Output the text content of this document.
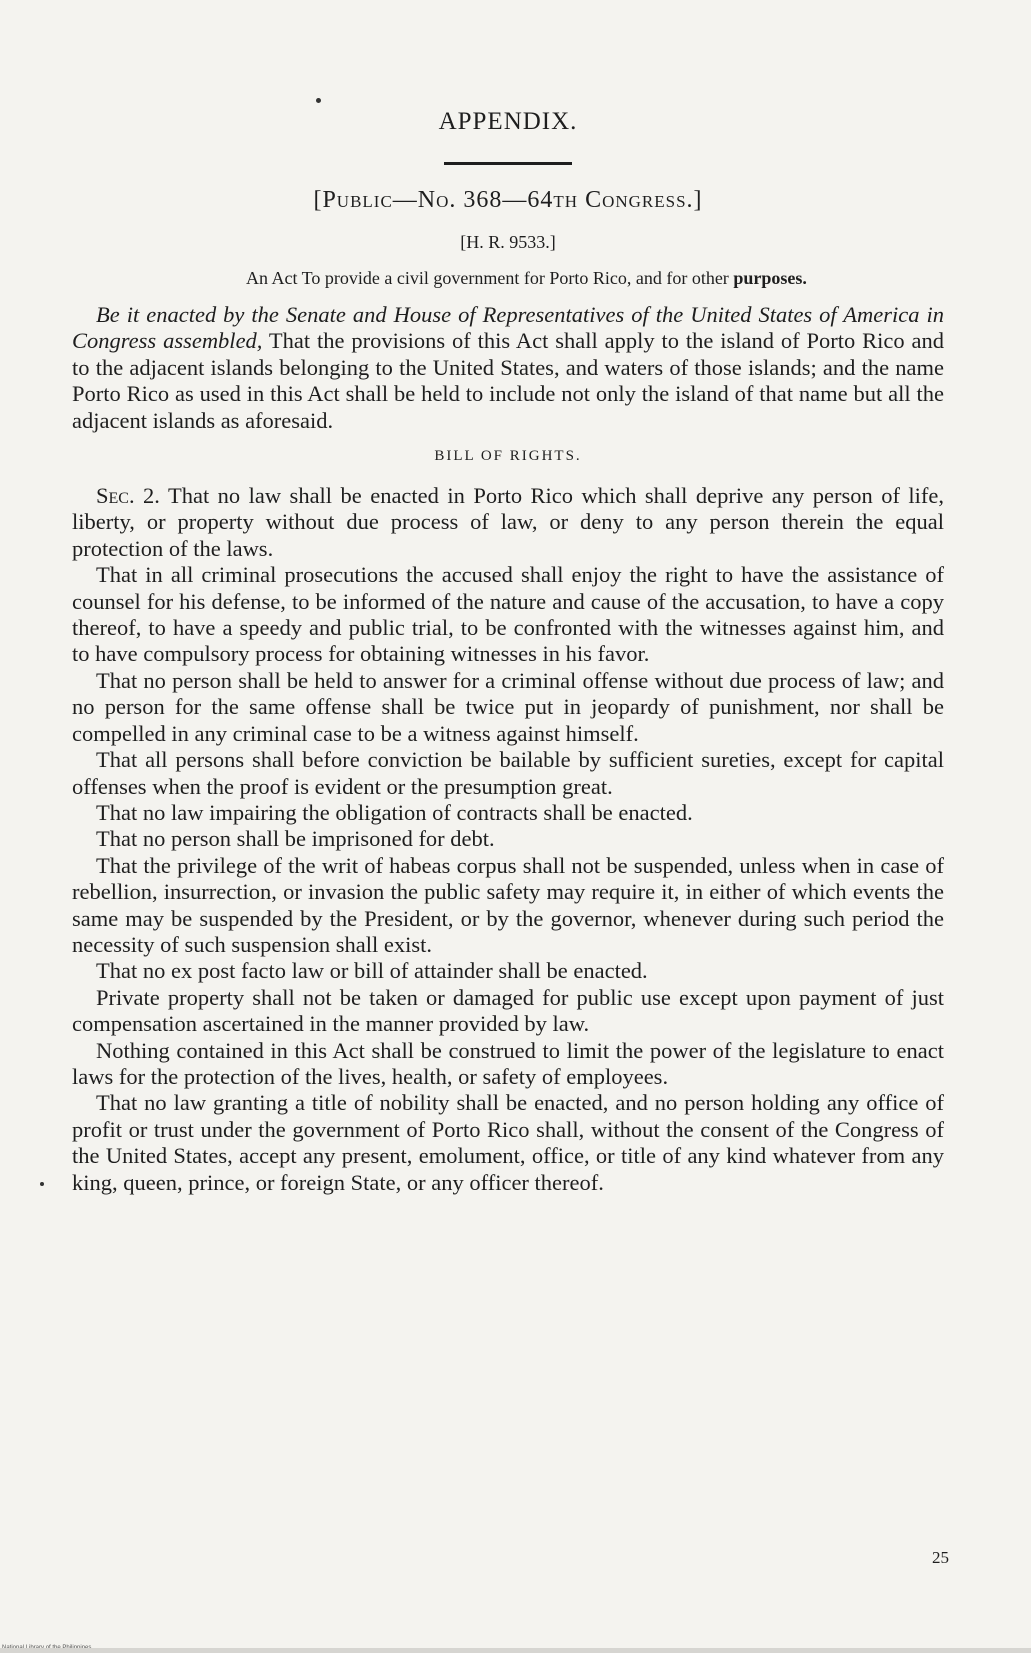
APPENDIX.
[Public—No. 368—64th Congress.]
[H. R. 9533.]
An Act To provide a civil government for Porto Rico, and for other purposes.

Be it enacted by the Senate and House of Representatives of the United States of America in Congress assembled, That the provisions of this Act shall apply to the island of Porto Rico and to the adjacent islands belonging to the United States, and waters of those islands; and the name Porto Rico as used in this Act shall be held to include not only the island of that name but all the adjacent islands as aforesaid.

BILL OF RIGHTS.

Sec. 2. That no law shall be enacted in Porto Rico which shall deprive any person of life, liberty, or property without due process of law, or deny to any person therein the equal protection of the laws.

That in all criminal prosecutions the accused shall enjoy the right to have the assistance of counsel for his defense, to be informed of the nature and cause of the accusation, to have a copy thereof, to have a speedy and public trial, to be confronted with the witnesses against him, and to have compulsory process for obtaining witnesses in his favor.

That no person shall be held to answer for a criminal offense without due process of law; and no person for the same offense shall be twice put in jeopardy of punishment, nor shall be compelled in any criminal case to be a witness against himself.

That all persons shall before conviction be bailable by sufficient sureties, except for capital offenses when the proof is evident or the presumption great.

That no law impairing the obligation of contracts shall be enacted.

That no person shall be imprisoned for debt.

That the privilege of the writ of habeas corpus shall not be suspended, unless when in case of rebellion, insurrection, or invasion the public safety may require it, in either of which events the same may be suspended by the President, or by the governor, whenever during such period the necessity of such suspension shall exist.

That no ex post facto law or bill of attainder shall be enacted.

Private property shall not be taken or damaged for public use except upon payment of just compensation ascertained in the manner provided by law.

Nothing contained in this Act shall be construed to limit the power of the legislature to enact laws for the protection of the lives, health, or safety of employees.

That no law granting a title of nobility shall be enacted, and no person holding any office of profit or trust under the government of Porto Rico shall, without the consent of the Congress of the United States, accept any present, emolument, office, or title of any kind whatever from any king, queen, prince, or foreign State, or any officer thereof.

25
